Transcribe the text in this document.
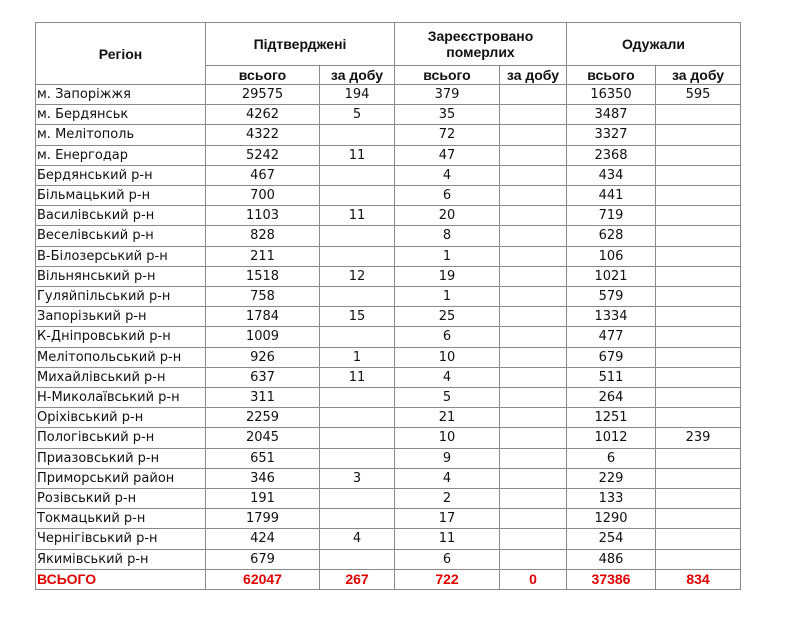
Регіон	Підтверджені		Зареєстровано померлих		Одужали	
	всього	за добу	всього	за добу	всього	за добу
м. Запоріжжя	29575	194	379		16350	595
м. Бердянськ	4262	5	35		3487	
м. Мелітополь	4322		72		3327	
м. Енергодар	5242	11	47		2368	
Бердянський р-н	467		4		434	
Більмацький р-н	700		6		441	
Василівський р-н	1103	11	20		719	
Веселівський р-н	828		8		628	
В-Білозерський р-н	211		1		106	
Вільнянський р-н	1518	12	19		1021	
Гуляйпільський р-н	758		1		579	
Запорізький р-н	1784	15	25		1334	
К-Дніпровський р-н	1009		6		477	
Мелітопольський р-н	926	1	10		679	
Михайлівський р-н	637	11	4		511	
Н-Миколаївський р-н	311		5		264	
Оріхівський р-н	2259		21		1251	
Пологівський р-н	2045		10		1012	239
Приазовський р-н	651		9		6	
Приморський район	346	3	4		229	
Розівський р-н	191		2		133	
Токмацький р-н	1799		17		1290	
Чернігівський р-н	424	4	11		254	
Якимівський р-н	679		6		486	
ВСЬОГО	62047	267	722	0	37386	834
